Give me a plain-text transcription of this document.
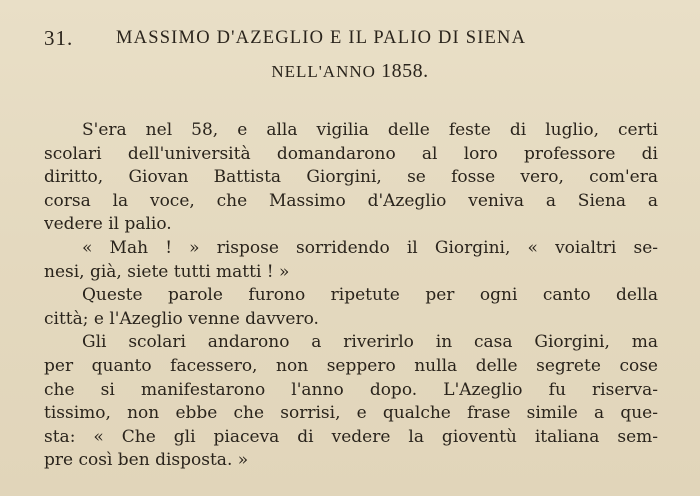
31. MASSIMO D'AZEGLIO E IL PALIO DI SIENA
NELL'ANNO 1858.
S'era nel 58, e alla vigilia delle feste di luglio, certi
scolari dell'università domandarono al loro professore di
diritto, Giovan Battista Giorgini, se fosse vero, com'era
corsa la voce, che Massimo d'Azeglio veniva a Siena a
vedere il palio.
« Mah ! » rispose sorridendo il Giorgini, « voialtri se-
nesi, già, siete tutti matti ! »
Queste parole furono ripetute per ogni canto della
città; e l'Azeglio venne davvero.
Gli scolari andarono a riverirlo in casa Giorgini, ma
per quanto facessero, non seppero nulla delle segrete cose
che si manifestarono l'anno dopo. L'Azeglio fu riserva-
tissimo, non ebbe che sorrisi, e qualche frase simile a que-
sta: « Che gli piaceva di vedere la gioventù italiana sem-
pre così ben disposta. »
